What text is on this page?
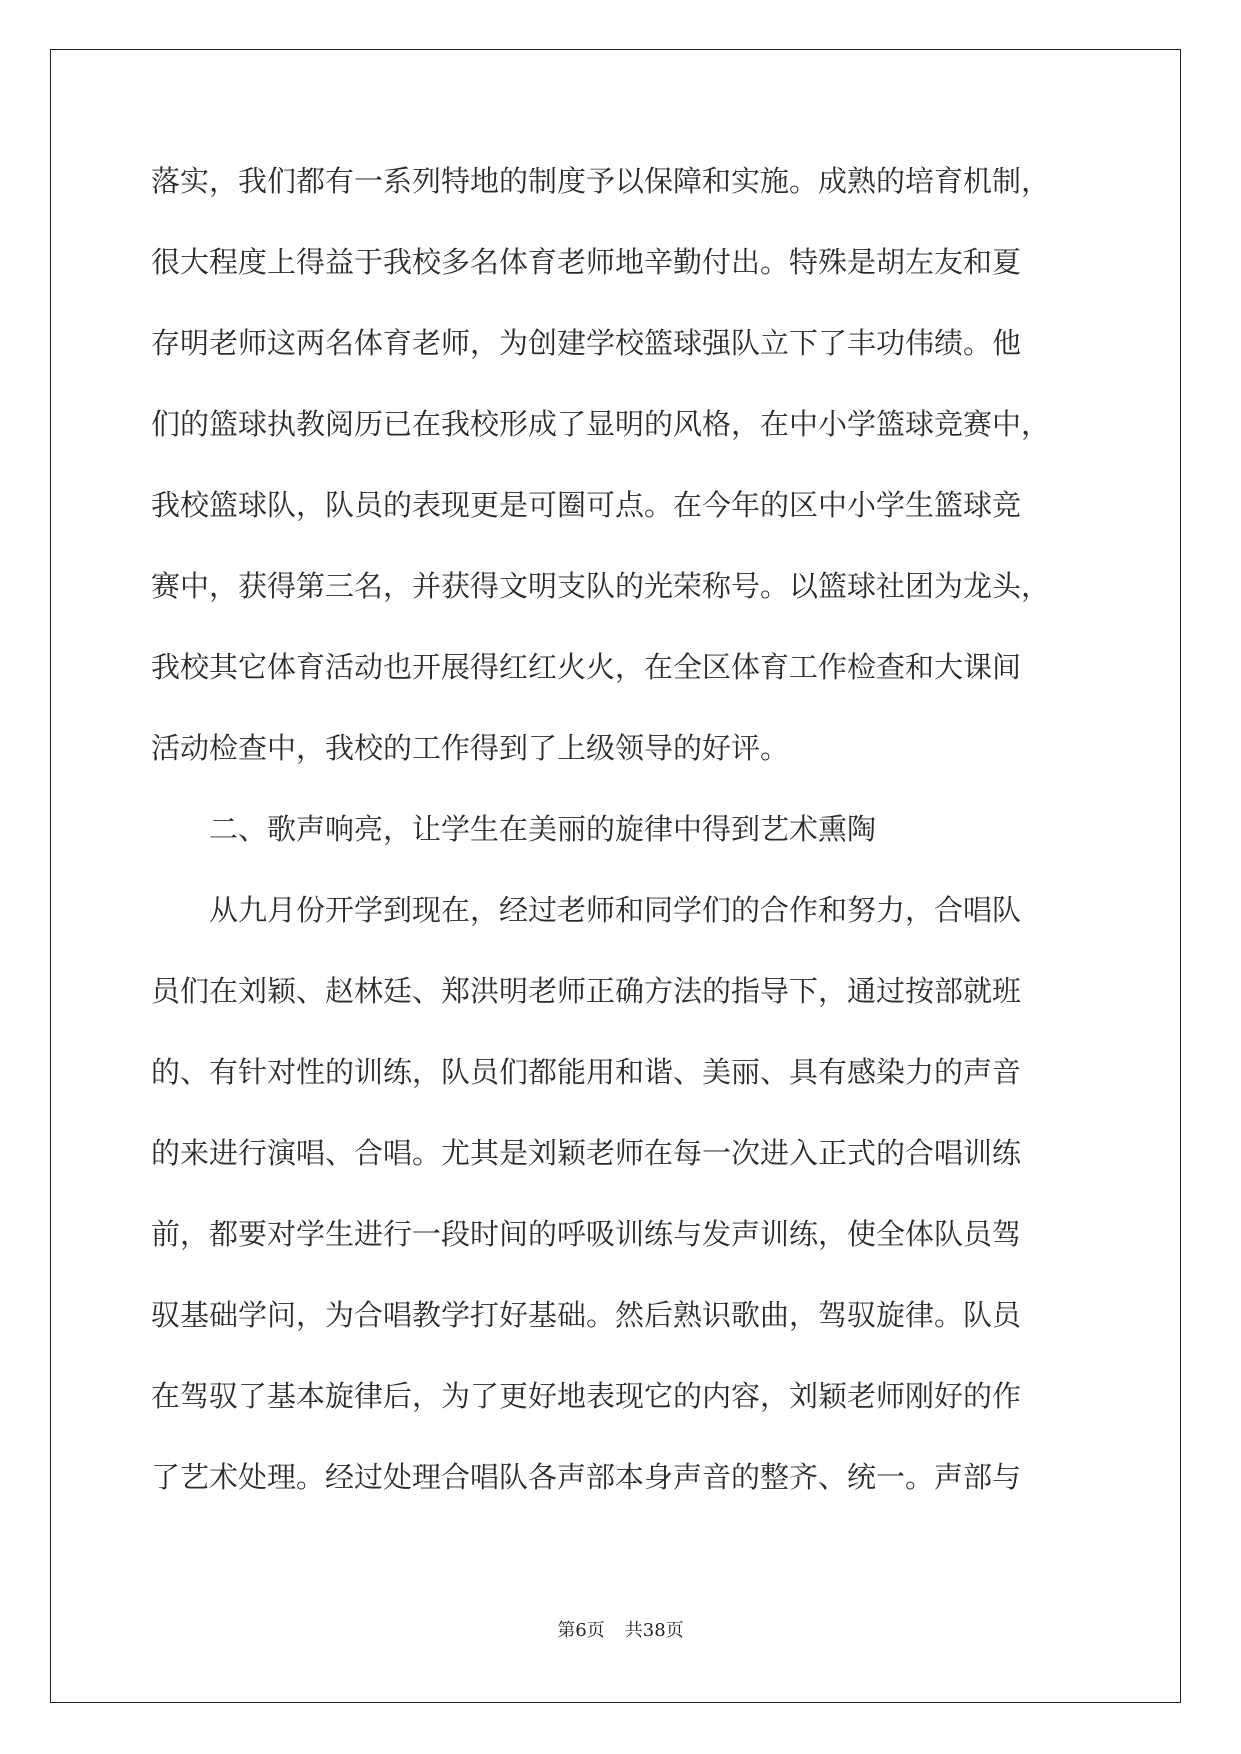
落实，我们都有一系列特地的制度予以保障和实施。成熟的培育机制，
很大程度上得益于我校多名体育老师地辛勤付出。特殊是胡左友和夏
存明老师这两名体育老师，为创建学校篮球强队立下了丰功伟绩。他
们的篮球执教阅历已在我校形成了显明的风格，在中小学篮球竞赛中，
我校篮球队，队员的表现更是可圈可点。在今年的区中小学生篮球竞
赛中，获得第三名，并获得文明支队的光荣称号。以篮球社团为龙头，
我校其它体育活动也开展得红红火火，在全区体育工作检查和大课间
活动检查中，我校的工作得到了上级领导的好评。
二、歌声响亮，让学生在美丽的旋律中得到艺术熏陶
从九月份开学到现在，经过老师和同学们的合作和努力，合唱队
员们在刘颖、赵林廷、郑洪明老师正确方法的指导下，通过按部就班
的、有针对性的训练，队员们都能用和谐、美丽、具有感染力的声音
的来进行演唱、合唱。尤其是刘颖老师在每一次进入正式的合唱训练
前，都要对学生进行一段时间的呼吸训练与发声训练，使全体队员驾
驭基础学问，为合唱教学打好基础。然后熟识歌曲，驾驭旋律。队员
在驾驭了基本旋律后，为了更好地表现它的内容，刘颖老师刚好的作
了艺术处理。经过处理合唱队各声部本身声音的整齐、统一。声部与
第6页 共38页
